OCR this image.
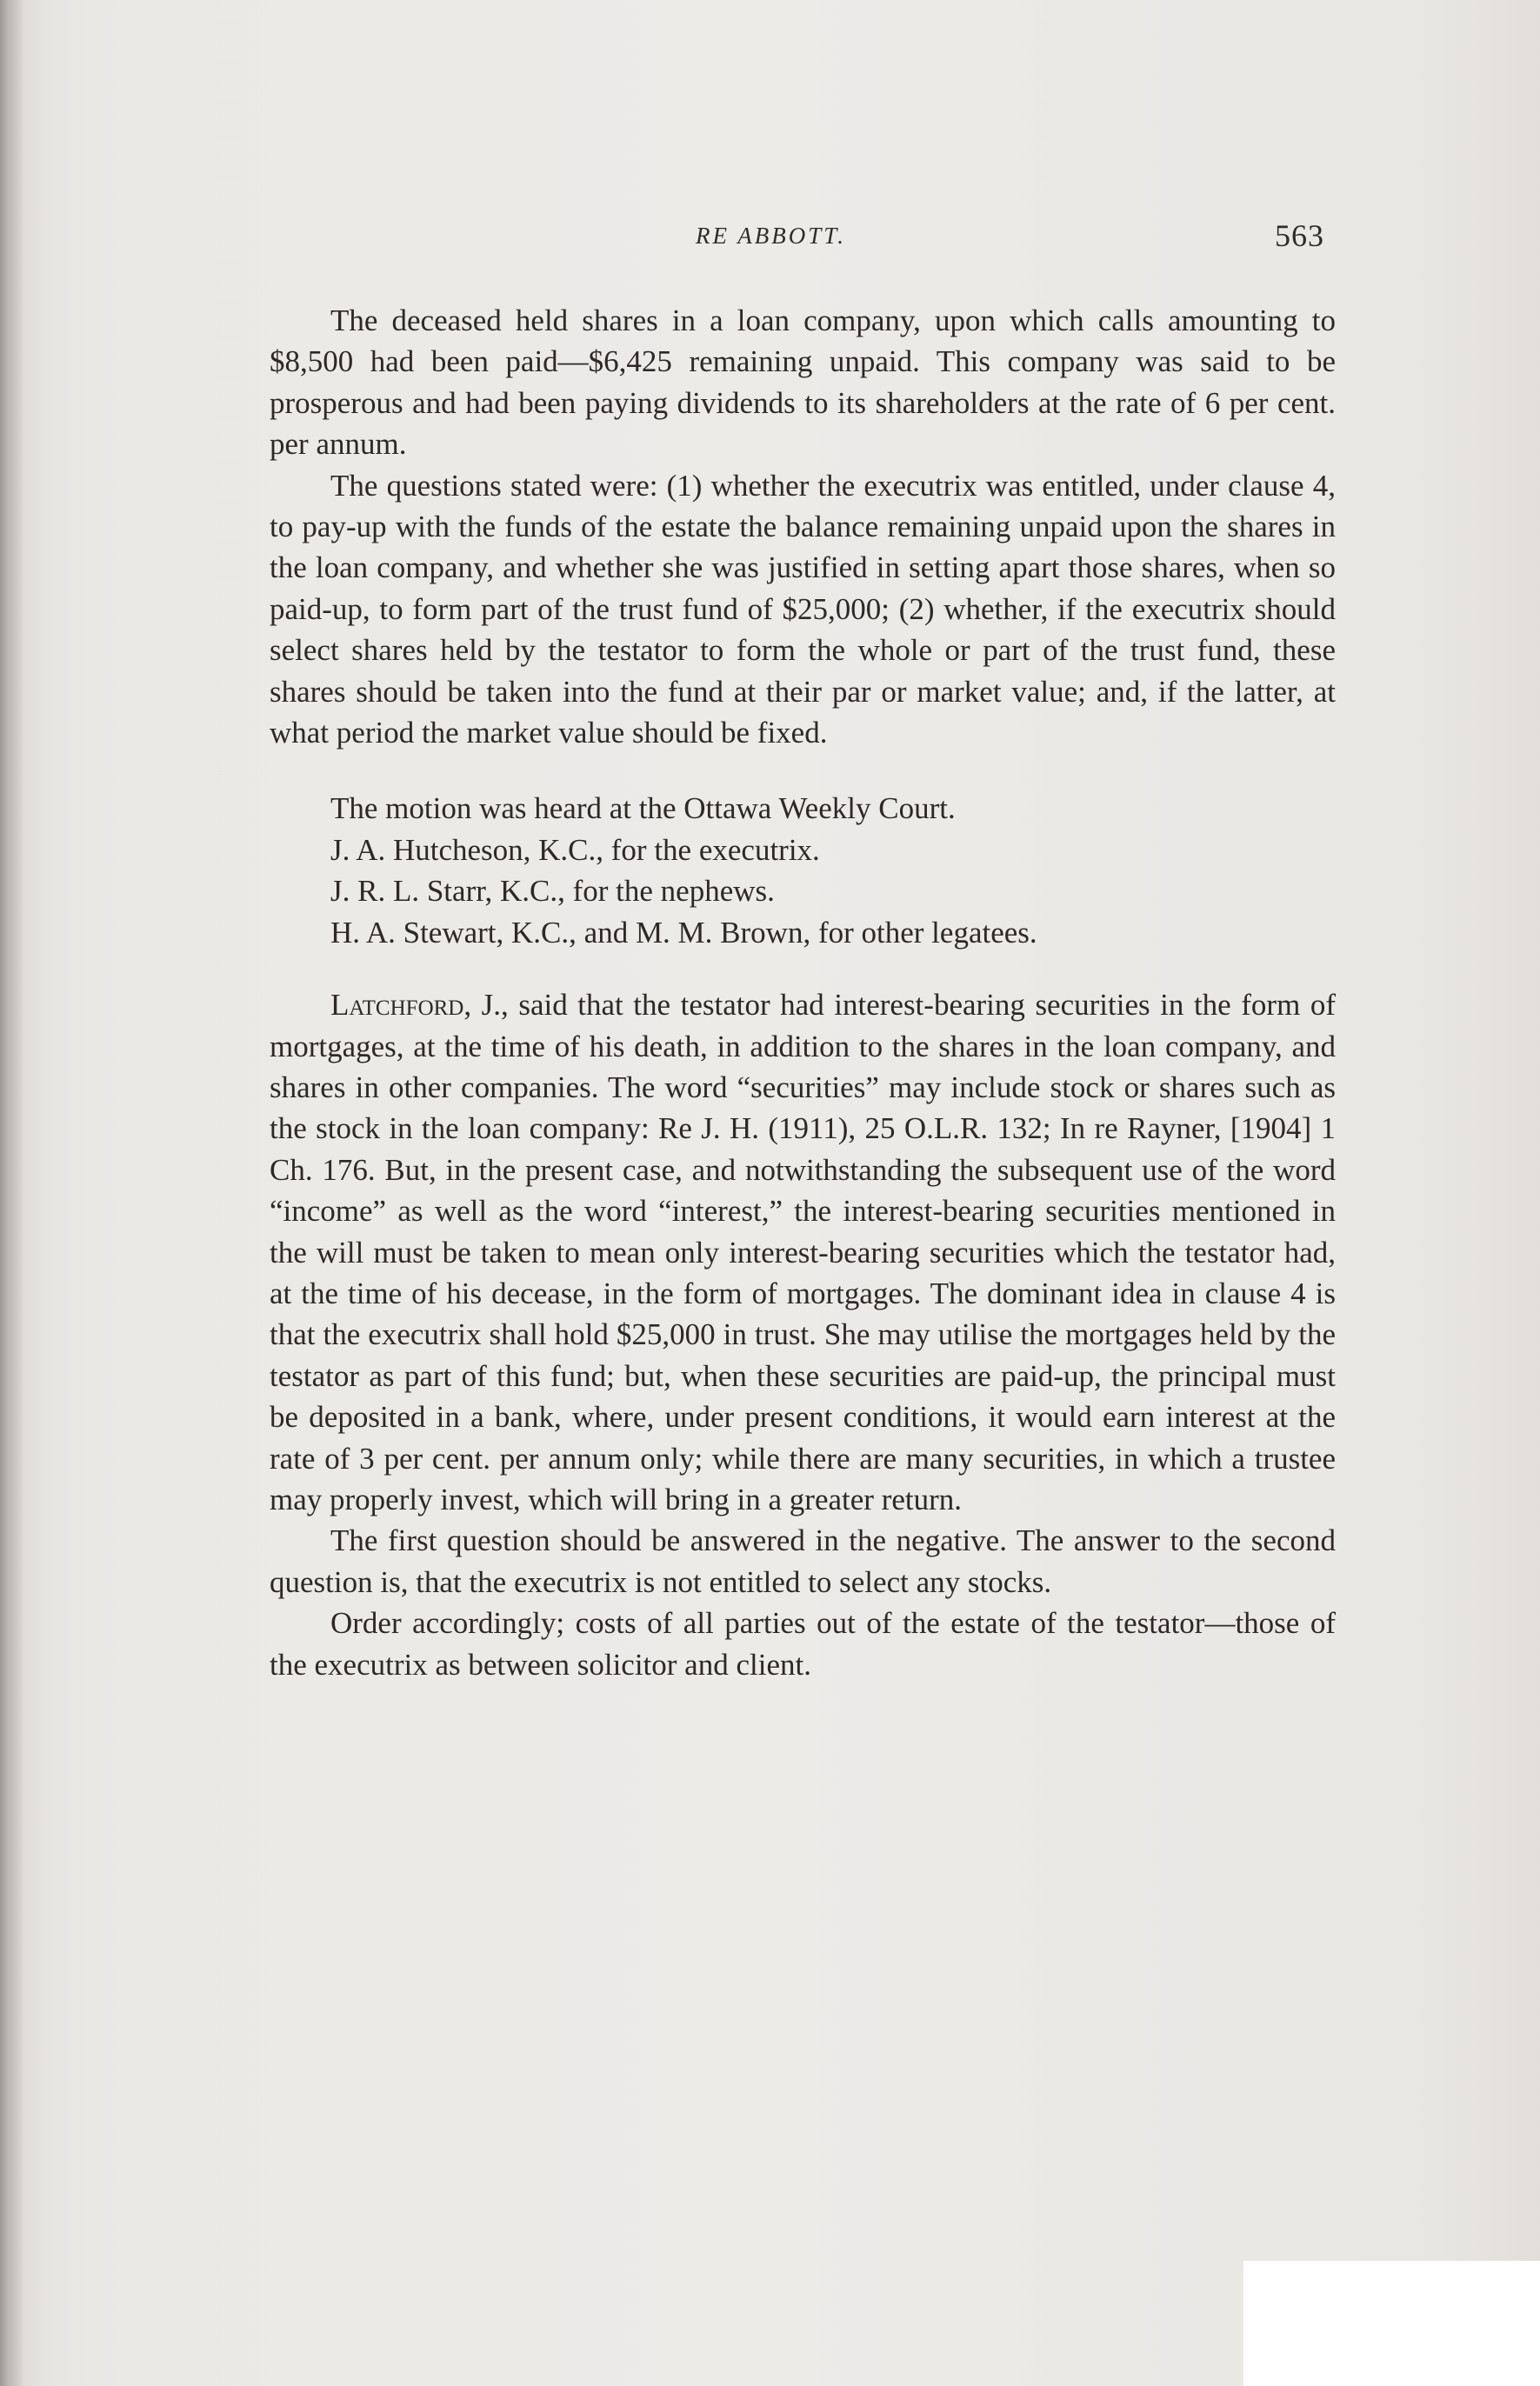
RE ABBOTT.	563

The deceased held shares in a loan company, upon which calls amounting to $8,500 had been paid—$6,425 remaining unpaid. This company was said to be prosperous and had been paying dividends to its shareholders at the rate of 6 per cent. per annum.

The questions stated were: (1) whether the executrix was entitled, under clause 4, to pay-up with the funds of the estate the balance remaining unpaid upon the shares in the loan company, and whether she was justified in setting apart those shares, when so paid-up, to form part of the trust fund of $25,000; (2) whether, if the executrix should select shares held by the testator to form the whole or part of the trust fund, these shares should be taken into the fund at their par or market value; and, if the latter, at what period the market value should be fixed.

The motion was heard at the Ottawa Weekly Court.

J. A. Hutcheson, K.C., for the executrix.

J. R. L. Starr, K.C., for the nephews.

H. A. Stewart, K.C., and M. M. Brown, for other legatees.

Latchford, J., said that the testator had interest-bearing securities in the form of mortgages, at the time of his death, in addition to the shares in the loan company, and shares in other companies. The word “securities” may include stock or shares such as the stock in the loan company: Re J. H. (1911), 25 O.L.R. 132; In re Rayner, [1904] 1 Ch. 176. But, in the present case, and notwithstanding the subsequent use of the word “income” as well as the word “interest,” the interest-bearing securities mentioned in the will must be taken to mean only interest-bearing securities which the testator had, at the time of his decease, in the form of mortgages. The dominant idea in clause 4 is that the executrix shall hold $25,000 in trust. She may utilise the mortgages held by the testator as part of this fund; but, when these securities are paid-up, the principal must be deposited in a bank, where, under present conditions, it would earn interest at the rate of 3 per cent. per annum only; while there are many securities, in which a trustee may properly invest, which will bring in a greater return.

The first question should be answered in the negative. The answer to the second question is, that the executrix is not entitled to select any stocks.

Order accordingly; costs of all parties out of the estate of the testator—those of the executrix as between solicitor and client.
